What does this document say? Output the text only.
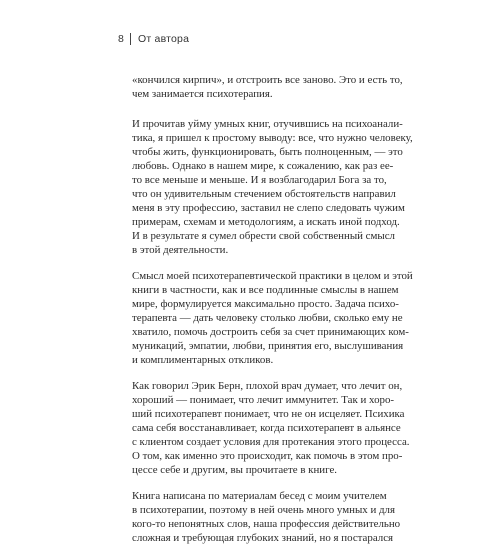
8 От автора

«кончился кирпич», и отстроить все заново. Это и есть то,
чем занимается психотерапия.

И прочитав уйму умных книг, отучившись на психоанали-
тика, я пришел к простому выводу: все, что нужно человеку,
чтобы жить, функционировать, быть полноценным, — это
любовь. Однако в нашем мире, к сожалению, как раз ее-
то все меньше и меньше. И я возблагодарил Бога за то,
что он удивительным стечением обстоятельств направил
меня в эту профессию, заставил не слепо следовать чужим
примерам, схемам и методологиям, а искать иной подход.
И в результате я сумел обрести свой собственный смысл
в этой деятельности.

Смысл моей психотерапевтической практики в целом и этой
книги в частности, как и все подлинные смыслы в нашем
мире, формулируется максимально просто. Задача психо-
терапевта — дать человеку столько любви, сколько ему не
хватило, помочь достроить себя за счет принимающих ком-
муникаций, эмпатии, любви, принятия его, выслушивания
и комплиментарных откликов.

Как говорил Эрик Берн, плохой врач думает, что лечит он,
хороший — понимает, что лечит иммунитет. Так и хоро-
ший психотерапевт понимает, что не он исцеляет. Психика
сама себя восстанавливает, когда психотерапевт в альянсе
с клиентом создает условия для протекания этого процесса.
О том, как именно это происходит, как помочь в этом про-
цессе себе и другим, вы прочитаете в книге.

Книга написана по материалам бесед с моим учителем
в психотерапии, поэтому в ней очень много умных и для
кого-то непонятных слов, наша профессия действительно
сложная и требующая глубоких знаний, но я постарался
